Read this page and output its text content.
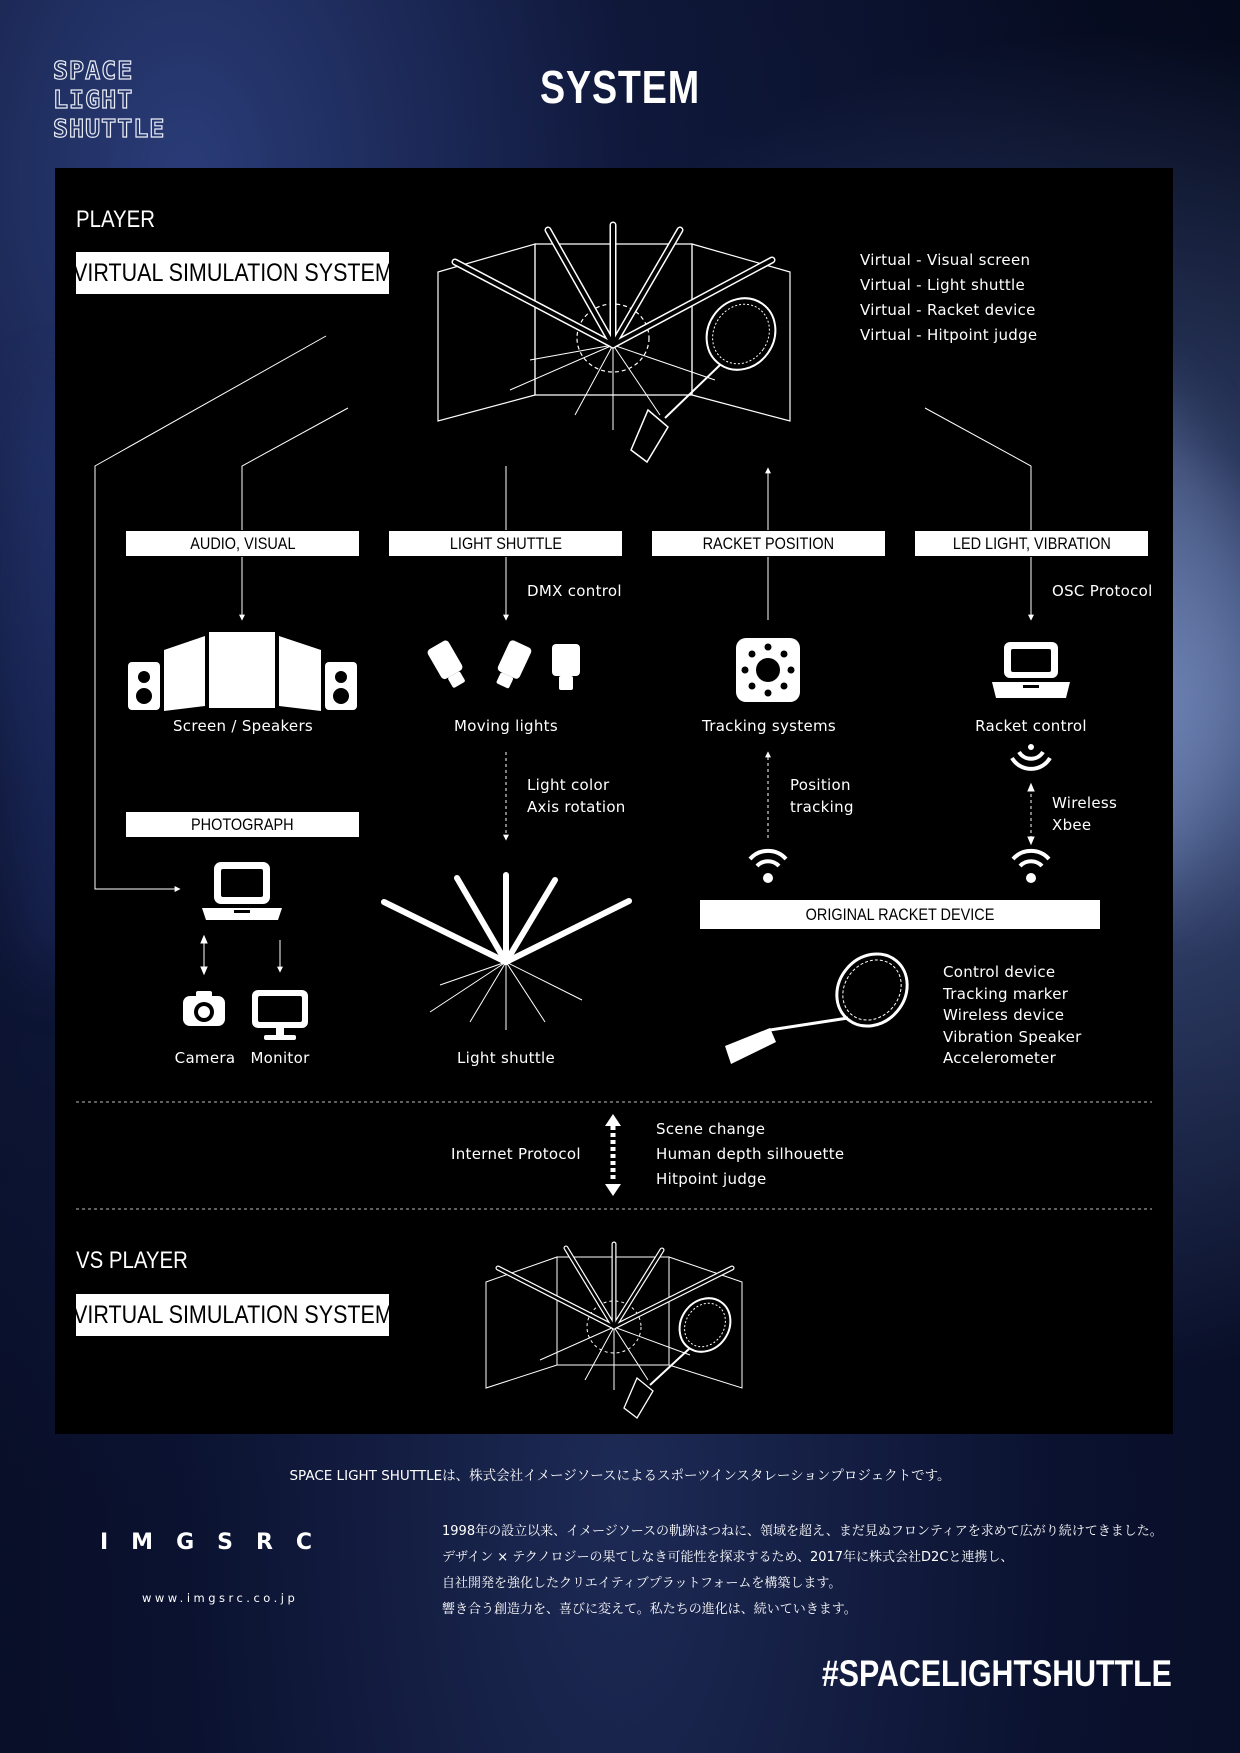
SPACE
LIGHT
SHUTTLE
SYSTEM
PLAYER
VIRTUAL SIMULATION SYSTEM	Virtual - Visual screen
Virtual - Light shuttle
Virtual - Racket device
Virtual - Hitpoint judge
AUDIO, VISUAL	LIGHT SHUTTLE	RACKET POSITION	LED LIGHT, VIBRATION
PHOTOGRAPH
ORIGINAL RACKET DEVICE
DMX control	OSC Protocol
Light color
Axis rotation
Position
tracking	Wireless
Xbee
Screen / Speakers	Moving lights	Tracking systems	Racket control
Camera Monitor	Light shuttle
Control device
Tracking marker
Wireless device
Vibration Speaker
Accelerometer
Internet Protocol
Scene change
Human depth silhouette
Hitpoint judge
VS PLAYER
VIRTUAL SIMULATION SYSTEM
SPACE LIGHT SHUTTLEは、株式会社イメージソースによるスポーツインスタレーションプロジェクトです。
IMGSRC
www.imgsrc.co.jp
1998年の設立以来、イメージソースの軌跡はつねに、領域を超え、まだ見ぬフロンティアを求めて広がり続けてきました。
デザイン × テクノロジーの果てしなき可能性を探求するため、2017年に株式会社D2Cと連携し、
自社開発を強化したクリエイティブプラットフォームを構築します。
響き合う創造力を、喜びに変えて。私たちの進化は、続いていきます。
#SPACELIGHTSHUTTLE
